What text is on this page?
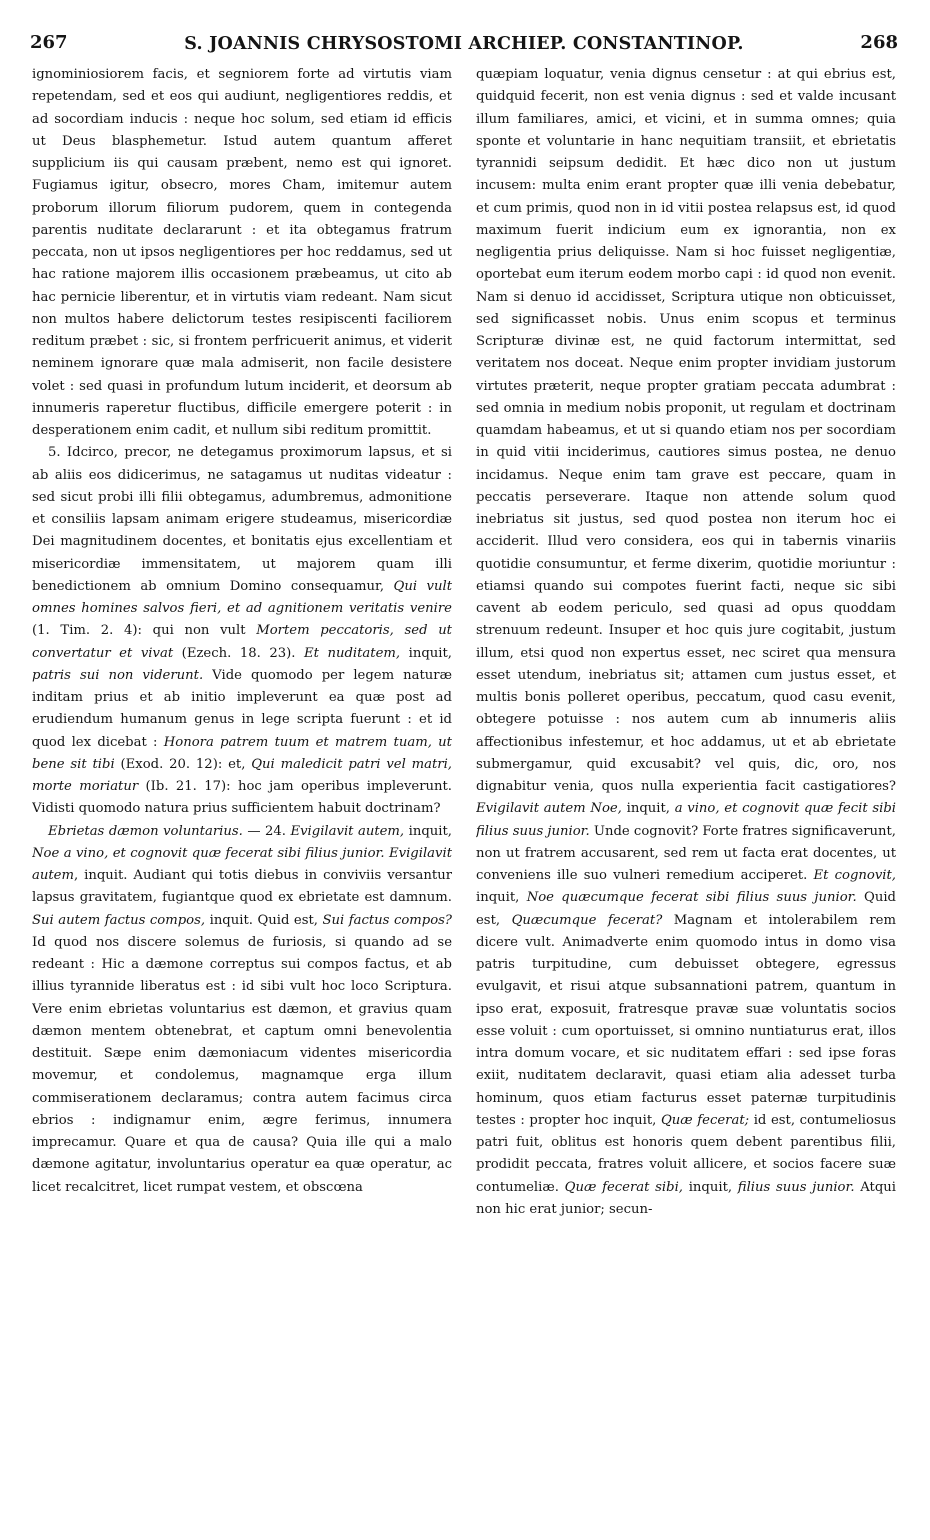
267	S. JOANNIS CHRYSOSTOMI ARCHIEP. CONSTANTINOP.	268

ignominiosiorem facis, et segniorem forte ad virtutis viam repetendam, sed et eos qui audiunt, negligentiores reddis, et ad socordiam inducis : neque hoc solum, sed etiam id efficis ut Deus blasphemetur. Istud autem quantum afferet supplicium iis qui causam præbent, nemo est qui ignoret. Fugiamus igitur, obsecro, mores Cham, imitemur autem proborum illorum filiorum pudorem, quem in contegenda parentis nuditate declararunt : et ita obtegamus fratrum peccata, non ut ipsos negligentiores per hoc reddamus, sed ut hac ratione majorem illis occasionem præbeamus, ut cito ab hac pernicie liberentur, et in virtutis viam redeant. Nam sicut non multos habere delictorum testes resipiscenti faciliorem reditum præbet : sic, si frontem perfricuerit animus, et viderit neminem ignorare quæ mala admiserit, non facile desistere volet : sed quasi in profundum lutum inciderit, et deorsum ab innumeris raperetur fluctibus, difficile emergere poterit : in desperationem enim cadit, et nullum sibi reditum promittit.

5. Idcirco, precor, ne detegamus proximorum lapsus, et si ab aliis eos didicerimus, ne satagamus ut nuditas videatur : sed sicut probi illi filii obtegamus, adumbremus, admonitione et consiliis lapsam animam erigere studeamus, misericordiæ Dei magnitudinem docentes, et bonitatis ejus excellentiam et misericordiæ immensitatem, ut majorem quam illi benedictionem ab omnium Domino consequamur, Qui vult omnes homines salvos fieri, et ad agnitionem veritatis venire (1. Tim. 2. 4): qui non vult Mortem peccatoris, sed ut convertatur et vivat (Ezech. 18. 23). Et nuditatem, inquit, patris sui non viderunt. Vide quomodo per legem naturæ inditam prius et ab initio impleverunt ea quæ post ad erudiendum humanum genus in lege scripta fuerunt : et id quod lex dicebat : Honora patrem tuum et matrem tuam, ut bene sit tibi (Exod. 20. 12): et, Qui maledicit patri vel matri, morte moriatur (Ib. 21. 17): hoc jam operibus impleverunt. Vidisti quomodo natura prius sufficientem habuit doctrinam?

Ebrietas dæmon voluntarius. — 24. Evigilavit autem, inquit, Noe a vino, et cognovit quæ fecerat sibi filius junior. Evigilavit autem, inquit. Audiant qui totis diebus in conviviis versantur lapsus gravitatem, fugiantque quod ex ebrietate est damnum. Sui autem factus compos, inquit. Quid est, Sui factus compos? Id quod nos discere solemus de furiosis, si quando ad se redeant : Hic a dæmone correptus sui compos factus, et ab illius tyrannide liberatus est : id sibi vult hoc loco Scriptura. Vere enim ebrietas voluntarius est dæmon, et gravius quam dæmon mentem obtenebrat, et captum omni benevolentia destituit. Sæpe enim dæmoniacum videntes misericordia movemur, et condolemus, magnamque erga illum commiserationem declaramus; contra autem facimus circa ebrios : indignamur enim, ægre ferimus, innumera imprecamur. Quare et qua de causa? Quia ille qui a malo dæmone agitatur, involuntarius operatur ea quæ operatur, ac licet recalcitret, licet rumpat vestem, et obscœna

quæpiam loquatur, venia dignus censetur : at qui ebrius est, quidquid fecerit, non est venia dignus : sed et valde incusant illum familiares, amici, et vicini, et in summa omnes; quia sponte et voluntarie in hanc nequitiam transiit, et ebrietatis tyrannidi seipsum dedidit. Et hæc dico non ut justum incusem: multa enim erant propter quæ illi venia debebatur, et cum primis, quod non in id vitii postea relapsus est, id quod maximum fuerit indicium eum ex ignorantia, non ex negligentia prius deliquisse. Nam si hoc fuisset negligentiæ, oportebat eum iterum eodem morbo capi : id quod non evenit. Nam si denuo id accidisset, Scriptura utique non obticuisset, sed significasset nobis. Unus enim scopus et terminus Scripturæ divinæ est, ne quid factorum intermittat, sed veritatem nos doceat. Neque enim propter invidiam justorum virtutes præterit, neque propter gratiam peccata adumbrat : sed omnia in medium nobis proponit, ut regulam et doctrinam quamdam habeamus, et ut si quando etiam nos per socordiam in quid vitii inciderimus, cautiores simus postea, ne denuo incidamus. Neque enim tam grave est peccare, quam in peccatis perseverare. Itaque non attende solum quod inebriatus sit justus, sed quod postea non iterum hoc ei acciderit. Illud vero considera, eos qui in tabernis vinariis quotidie consumuntur, et ferme dixerim, quotidie moriuntur : etiamsi quando sui compotes fuerint facti, neque sic sibi cavent ab eodem periculo, sed quasi ad opus quoddam strenuum redeunt. Insuper et hoc quis jure cogitabit, justum illum, etsi quod non expertus esset, nec sciret qua mensura esset utendum, inebriatus sit; attamen cum justus esset, et multis bonis polleret operibus, peccatum, quod casu evenit, obtegere potuisse : nos autem cum ab innumeris aliis affectionibus infestemur, et hoc addamus, ut et ab ebrietate submergamur, quid excusabit? vel quis, dic, oro, nos dignabitur venia, quos nulla experientia facit castigatiores? Evigilavit autem Noe, inquit, a vino, et cognovit quæ fecit sibi filius suus junior. Unde cognovit? Forte fratres significaverunt, non ut fratrem accusarent, sed rem ut facta erat docentes, ut conveniens ille suo vulneri remedium acciperet. Et cognovit, inquit, Noe quæcumque fecerat sibi filius suus junior. Quid est, Quæcumque fecerat? Magnam et intolerabilem rem dicere vult. Animadverte enim quomodo intus in domo visa patris turpitudine, cum debuisset obtegere, egressus evulgavit, et risui atque subsannationi patrem, quantum in ipso erat, exposuit, fratresque pravæ suæ voluntatis socios esse voluit : cum oportuisset, si omnino nuntiaturus erat, illos intra domum vocare, et sic nuditatem effari : sed ipse foras exiit, nuditatem declaravit, quasi etiam alia adesset turba hominum, quos etiam facturus esset paternæ turpitudinis testes : propter hoc inquit, Quæ fecerat; id est, contumeliosus patri fuit, oblitus est honoris quem debent parentibus filii, prodidit peccata, fratres voluit allicere, et socios facere suæ contumeliæ. Quæ fecerat sibi, inquit, filius suus junior. Atqui non hic erat junior; secun-
